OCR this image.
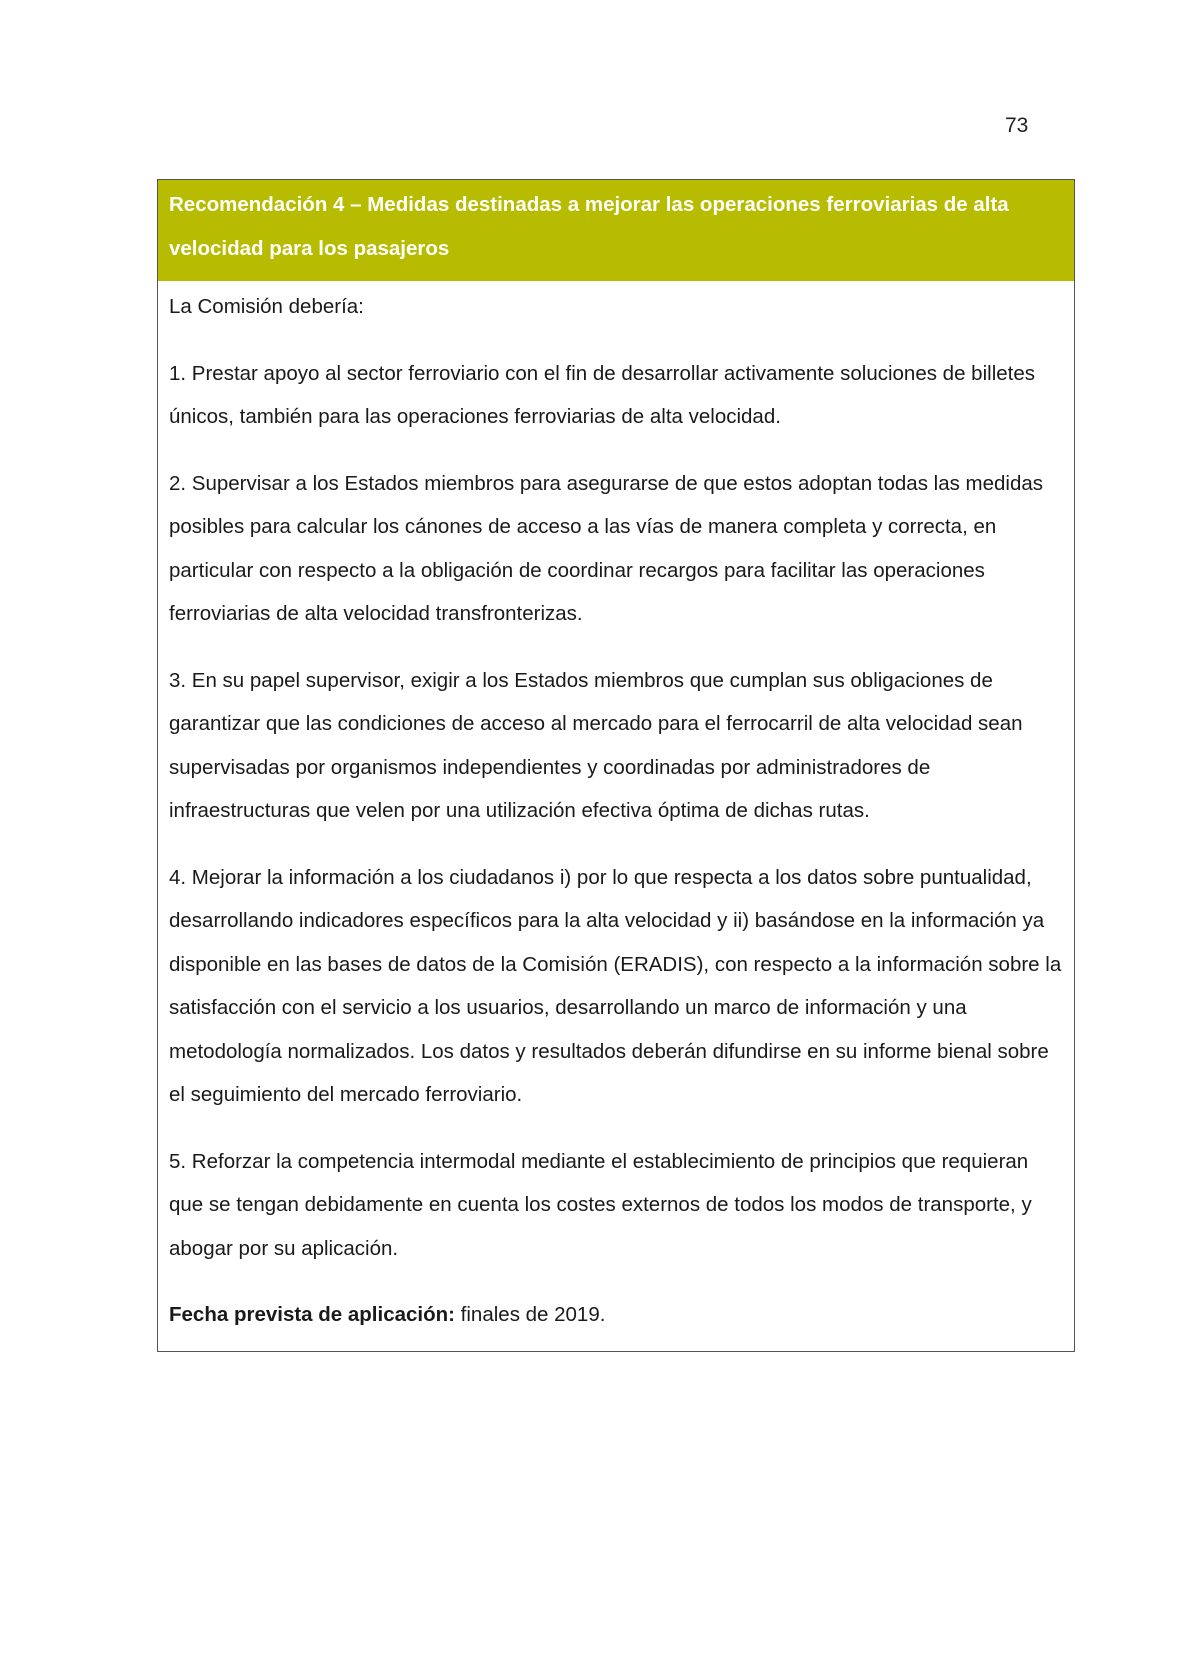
73
Recomendación 4 – Medidas destinadas a mejorar las operaciones ferroviarias de alta velocidad para los pasajeros

La Comisión debería:

1. Prestar apoyo al sector ferroviario con el fin de desarrollar activamente soluciones de billetes únicos, también para las operaciones ferroviarias de alta velocidad.

2. Supervisar a los Estados miembros para asegurarse de que estos adoptan todas las medidas posibles para calcular los cánones de acceso a las vías de manera completa y correcta, en particular con respecto a la obligación de coordinar recargos para facilitar las operaciones ferroviarias de alta velocidad transfronterizas.

3. En su papel supervisor, exigir a los Estados miembros que cumplan sus obligaciones de garantizar que las condiciones de acceso al mercado para el ferrocarril de alta velocidad sean supervisadas por organismos independientes y coordinadas por administradores de infraestructuras que velen por una utilización efectiva óptima de dichas rutas.

4. Mejorar la información a los ciudadanos i) por lo que respecta a los datos sobre puntualidad, desarrollando indicadores específicos para la alta velocidad y ii) basándose en la información ya disponible en las bases de datos de la Comisión (ERADIS), con respecto a la información sobre la satisfacción con el servicio a los usuarios, desarrollando un marco de información y una metodología normalizados. Los datos y resultados deberán difundirse en su informe bienal sobre el seguimiento del mercado ferroviario.

5. Reforzar la competencia intermodal mediante el establecimiento de principios que requieran que se tengan debidamente en cuenta los costes externos de todos los modos de transporte, y abogar por su aplicación.

Fecha prevista de aplicación: finales de 2019.
